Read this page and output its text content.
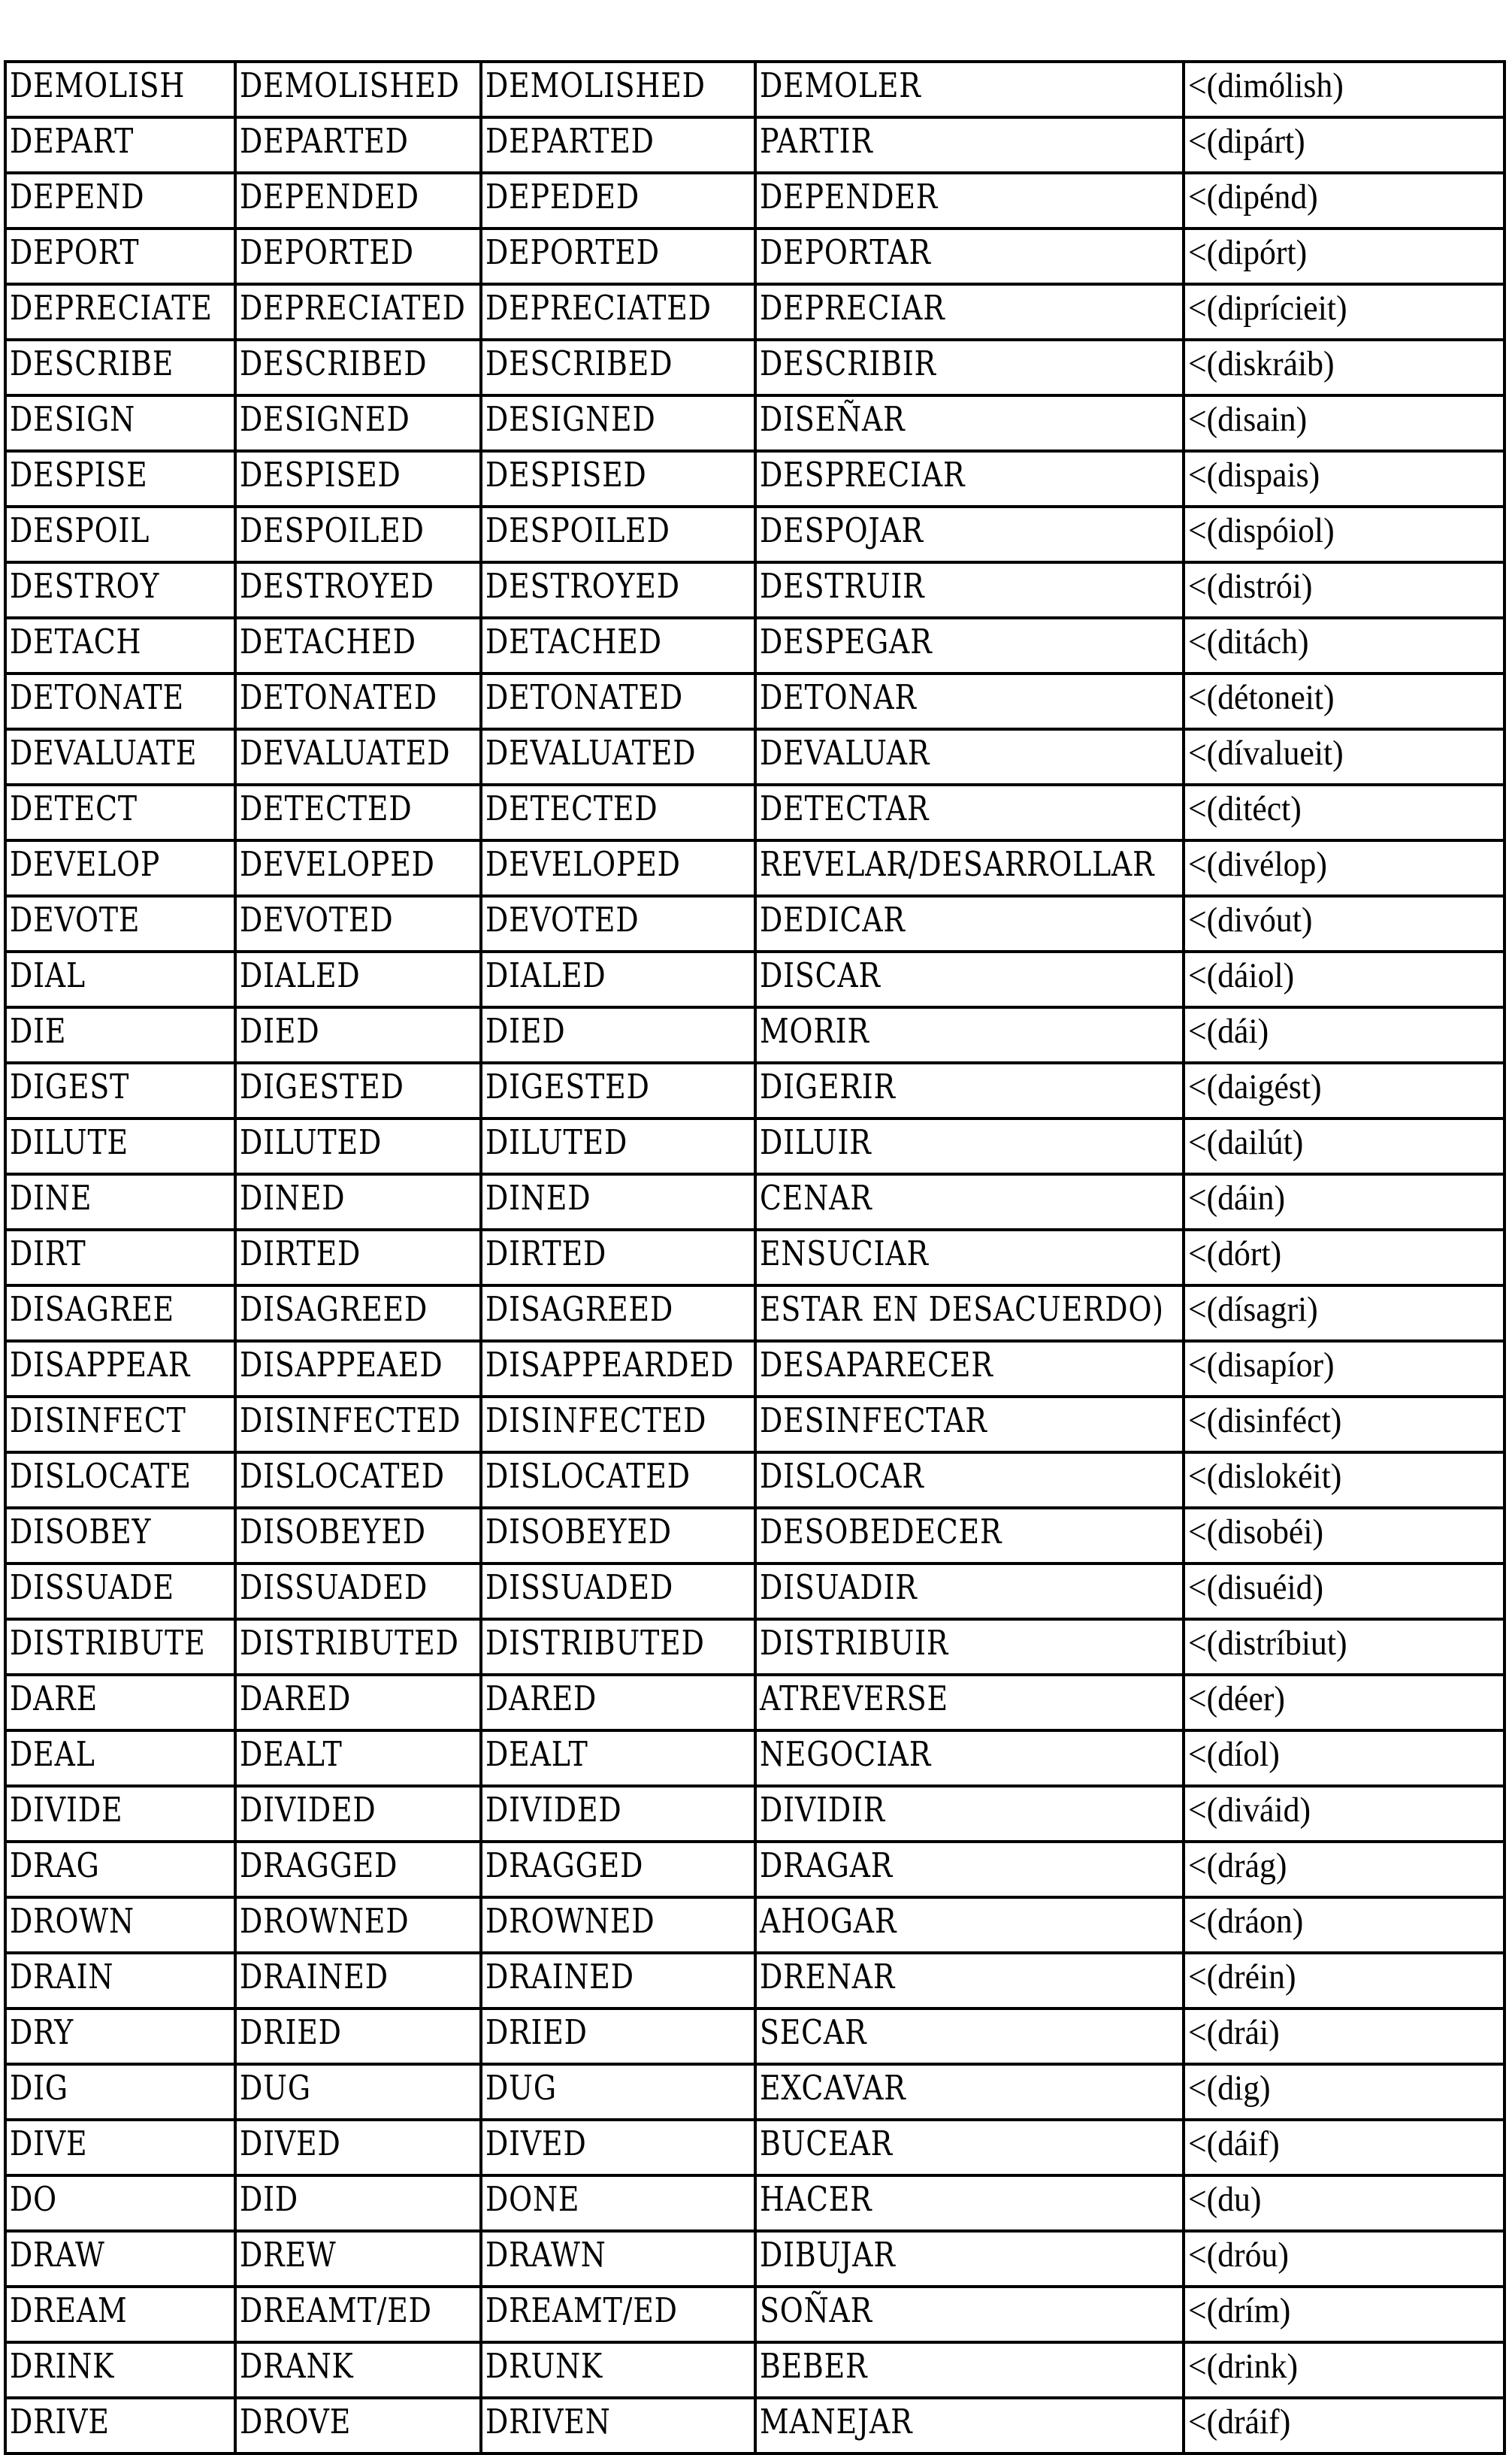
DEMOLISH	DEMOLISHED	DEMOLISHED	DEMOLER	<(dimólish)
DEPART	DEPARTED	DEPARTED	PARTIR	<(dipárt)
DEPEND	DEPENDED	DEPEDED	DEPENDER	<(dipénd)
DEPORT	DEPORTED	DEPORTED	DEPORTAR	<(dipórt)
DEPRECIATE	DEPRECIATED	DEPRECIATED	DEPRECIAR	<(diprícieit)
DESCRIBE	DESCRIBED	DESCRIBED	DESCRIBIR	<(diskráib)
DESIGN	DESIGNED	DESIGNED	DISEÑAR	<(disain)
DESPISE	DESPISED	DESPISED	DESPRECIAR	<(dispais)
DESPOIL	DESPOILED	DESPOILED	DESPOJAR	<(dispóiol)
DESTROY	DESTROYED	DESTROYED	DESTRUIR	<(distrói)
DETACH	DETACHED	DETACHED	DESPEGAR	<(ditách)
DETONATE	DETONATED	DETONATED	DETONAR	<(détoneit)
DEVALUATE	DEVALUATED	DEVALUATED	DEVALUAR	<(dívalueit)
DETECT	DETECTED	DETECTED	DETECTAR	<(ditéct)
DEVELOP	DEVELOPED	DEVELOPED	REVELAR/DESARROLLAR	<(divélop)
DEVOTE	DEVOTED	DEVOTED	DEDICAR	<(divóut)
DIAL	DIALED	DIALED	DISCAR	<(dáiol)
DIE	DIED	DIED	MORIR	<(dái)
DIGEST	DIGESTED	DIGESTED	DIGERIR	<(daigést)
DILUTE	DILUTED	DILUTED	DILUIR	<(dailút)
DINE	DINED	DINED	CENAR	<(dáin)
DIRT	DIRTED	DIRTED	ENSUCIAR	<(dórt)
DISAGREE	DISAGREED	DISAGREED	ESTAR EN DESACUERDO)	<(dísagri)
DISAPPEAR	DISAPPEAED	DISAPPEARDED	DESAPARECER	<(disapíor)
DISINFECT	DISINFECTED	DISINFECTED	DESINFECTAR	<(disinféct)
DISLOCATE	DISLOCATED	DISLOCATED	DISLOCAR	<(dislokéit)
DISOBEY	DISOBEYED	DISOBEYED	DESOBEDECER	<(disobéi)
DISSUADE	DISSUADED	DISSUADED	DISUADIR	<(disuéid)
DISTRIBUTE	DISTRIBUTED	DISTRIBUTED	DISTRIBUIR	<(distríbiut)
DARE	DARED	DARED	ATREVERSE	<(déer)
DEAL	DEALT	DEALT	NEGOCIAR	<(díol)
DIVIDE	DIVIDED	DIVIDED	DIVIDIR	<(diváid)
DRAG	DRAGGED	DRAGGED	DRAGAR	<(drág)
DROWN	DROWNED	DROWNED	AHOGAR	<(dráon)
DRAIN	DRAINED	DRAINED	DRENAR	<(dréin)
DRY	DRIED	DRIED	SECAR	<(drái)
DIG	DUG	DUG	EXCAVAR	<(dig)
DIVE	DIVED	DIVED	BUCEAR	<(dáif)
DO	DID	DONE	HACER	<(du)
DRAW	DREW	DRAWN	DIBUJAR	<(dróu)
DREAM	DREAMT/ED	DREAMT/ED	SOÑAR	<(drím)
DRINK	DRANK	DRUNK	BEBER	<(drink)
DRIVE	DROVE	DRIVEN	MANEJAR	<(dráif)
